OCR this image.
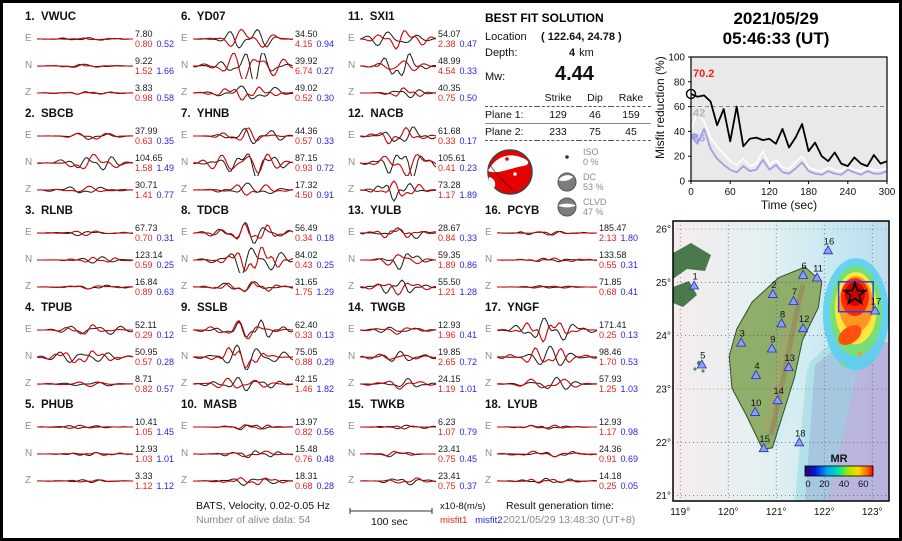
1.  VWUC
E	7.80
0.80 0.52
N	9.22
1.52 1.66
Z	3.83
0.98 0.58
2.  SBCB
E	37.99
0.63 0.35
N	104.65
1.58 1.49
Z	30.71
1.41 0.77
3.  RLNB
E	67.73
0.70 0.31
N	123.14
0.59 0.25
Z	16.84
0.89 0.63
4.  TPUB
E	52.11
0.29 0.12
N	50.95
0.57 0.28
Z	8.71
0.82 0.57
5.  PHUB
E	10.41
1.05 1.45
N	12.93
1.03 1.01
Z	3.33
1.12 1.12
6.  YD07
E	34.50
4.15 0.94
N	39.92
6.74 0.27
Z	49.02
0.52 0.30
7.  YHNB
E	44.36
0.57 0.33
N	87.15
0.93 0.72
Z	17.32
4.50 0.91
8.  TDCB
E	56.49
0.34 0.18
N	84.02
0.43 0.25
Z	31.65
1.75 1.29
9.  SSLB
E	62.40
0.33 0.13
N	75.05
0.88 0.29
Z	42.15
1.46 1.82
10.  MASB
E	13.97
0.82 0.56
N	15.48
0.76 0.48
Z	18.31
0.68 0.28
11.  SXI1
E	54.07
2.38 0.47
N	48.99
4.54 0.33
Z	40.35
0.75 0.50
12.  NACB
E	61.68
0.33 0.17
N	105.61
0.41 0.23
Z	73.28
1.17 1.89
13.  YULB
E	28.67
0.84 0.33
N	59.35
1.89 0.86
Z	55.50
1.21 1.28
14.  TWGB
E	12.93
1.96 0.41
N	19.85
2.65 0.72
Z	24.15
1.19 1.01
15.  TWKB
E	6.23
1.07 0.79
N	23.41
0.75 0.45
Z	23.41
0.75 0.37
16.  PCYB
E	185.47
2.13 1.80
N	133.58
0.55 0.31
Z	71.85
0.68 0.41
17.  YNGF
E	171.41
0.25 0.13
N	98.46
1.70 0.53
Z	57.93
1.25 1.03
18.  LYUB
E	12.93
1.17 0.98
N	24.36
0.91 0.69
Z	14.18
0.25 0.05
BEST FIT SOLUTION
Location	( 122.64, 24.78 )
Depth:	4 km
Mw:	4.44
Strike	Dip	Rake
Plane 1:	129	46	159
Plane 2:	233	75	45
ISO
0 %
DC
53 %
CLVD
47 %
2021/05/29
05:46:33 (UT)
0
20
40
60
80
100
0	60	120 180 240 300
70.2
42
36
Misfit reduction (%)
Time (sec)
1
2
3
4
5
6
7
8
9
10
11
12
13
14
15
16
17
18
MR
0 20 40 60
119°	120°	121°	122°	123°
21°
22°
23°
24°
25°
26°
BATS, Velocity, 0.02-0.05 Hz
Number of alive data: 54	100 sec
x10-8(m/s)
misfit1 misfit2
Result generation time:
2021/05/29 13:48:30 (UT+8)
